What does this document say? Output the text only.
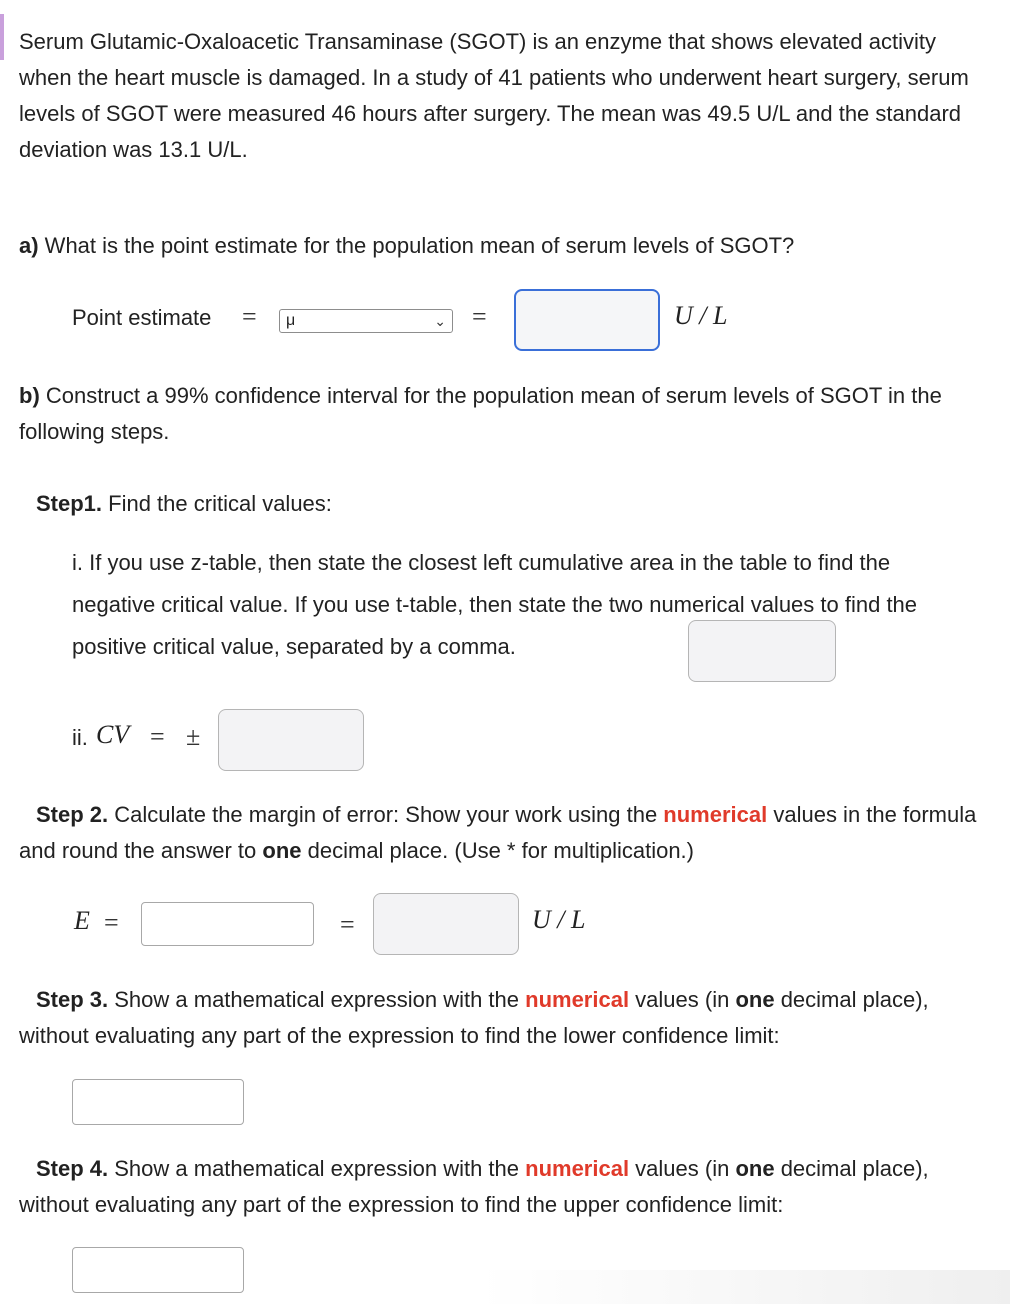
Serum Glutamic-Oxaloacetic Transaminase (SGOT) is an enzyme that shows elevated activity when the heart muscle is damaged. In a study of 41 patients who underwent heart surgery, serum levels of SGOT were measured 46 hours after surgery. The mean was 49.5 U/L and the standard deviation was 13.1 U/L.

a) What is the point estimate for the population mean of serum levels of SGOT?

Point estimate =	μ	⌄ =	U / L

b) Construct a 99% confidence interval for the population mean of serum levels of SGOT in the following steps.

Step1. Find the critical values:

i. If you use z-table, then state the closest left cumulative area in the table to find the negative critical value. If you use t-table, then state the two numerical values to find the positive critical value, separated by a comma.

ii. CV = ±

Step 2. Calculate the margin of error: Show your work using the numerical values in the formula and round the answer to one decimal place. (Use * for multiplication.)

E =	=	U / L

Step 3. Show a mathematical expression with the numerical values (in one decimal place), without evaluating any part of the expression to find the lower confidence limit:

Step 4. Show a mathematical expression with the numerical values (in one decimal place), without evaluating any part of the expression to find the upper confidence limit:
